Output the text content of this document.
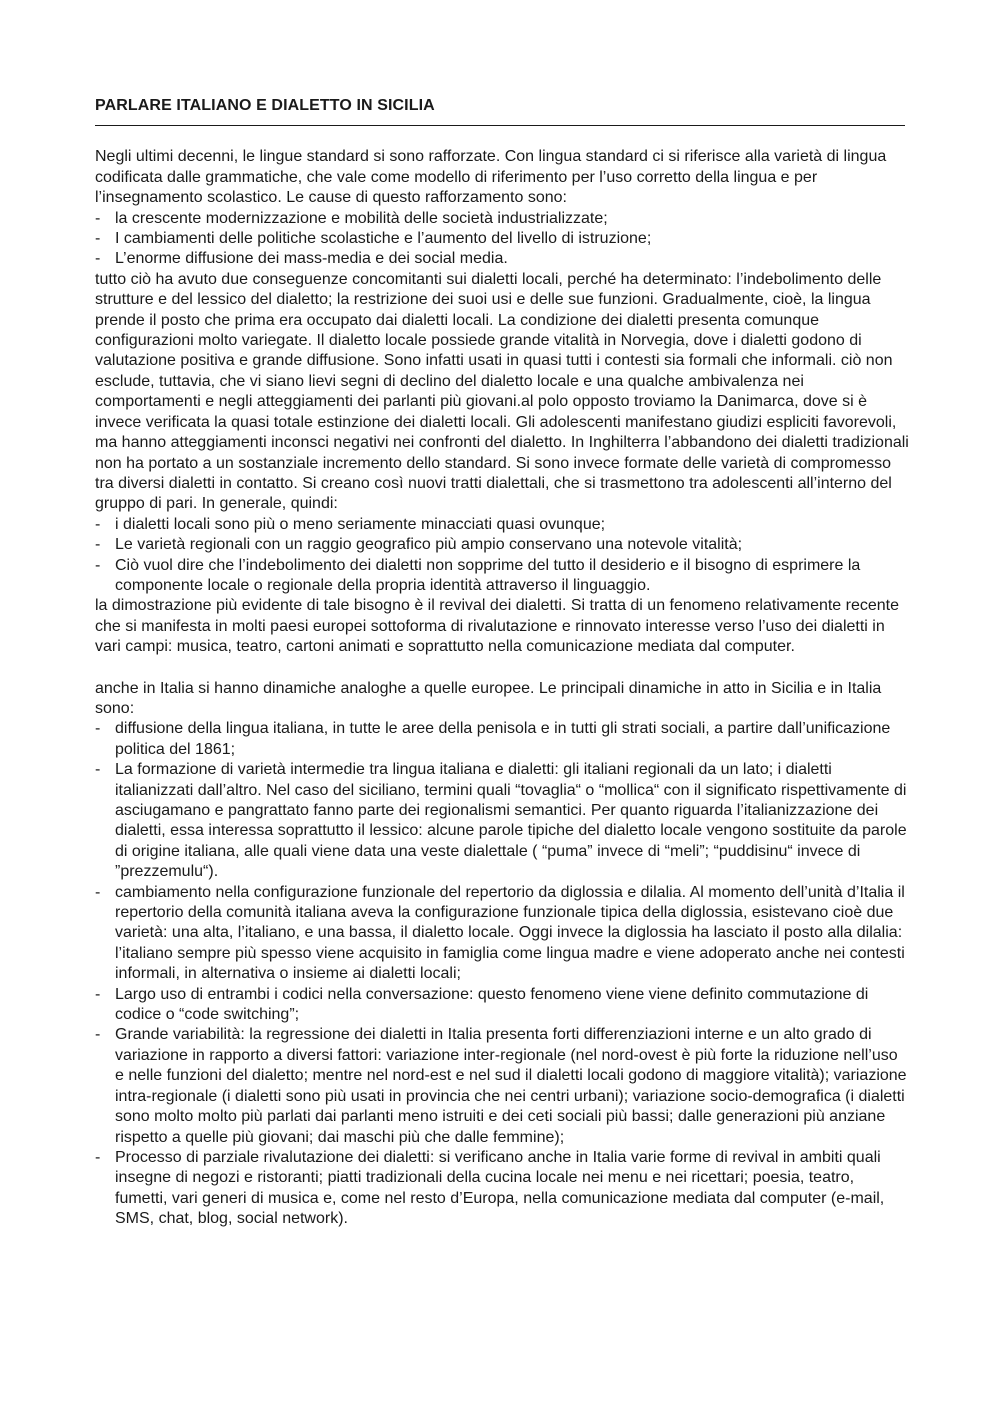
PARLARE ITALIANO E DIALETTO IN SICILIA

Negli ultimi decenni, le lingue standard si sono rafforzate. Con lingua standard ci si riferisce alla varietà di lingua codificata dalle grammatiche, che vale come modello di riferimento per l’uso corretto della lingua e per l’insegnamento scolastico. Le cause di questo rafforzamento sono:

- la crescente modernizzazione e mobilità delle società industrializzate;
- I cambiamenti delle politiche scolastiche e l’aumento del livello di istruzione;
- L’enorme diffusione dei mass-media e dei social media.

tutto ciò ha avuto due conseguenze concomitanti sui dialetti locali, perché ha determinato: l’indebolimento delle strutture e del lessico del dialetto; la restrizione dei suoi usi e delle sue funzioni. Gradualmente, cioè, la lingua prende il posto che prima era occupato dai dialetti locali. La condizione dei dialetti presenta comunque configurazioni molto variegate. Il dialetto locale possiede grande vitalità in Norvegia, dove i dialetti godono di valutazione positiva e grande diffusione. Sono infatti usati in quasi tutti i contesti sia formali che informali. ciò non esclude, tuttavia, che vi siano lievi segni di declino del dialetto locale e una qualche ambivalenza nei comportamenti e negli atteggiamenti dei parlanti più giovani.al polo opposto troviamo la Danimarca, dove si è invece verificata la quasi totale estinzione dei dialetti locali. Gli adolescenti manifestano giudizi espliciti favorevoli, ma hanno atteggiamenti inconsci negativi nei confronti del dialetto. In Inghilterra l’abbandono dei dialetti tradizionali non ha portato a un sostanziale incremento dello standard. Si sono invece formate delle varietà di compromesso tra diversi dialetti in contatto. Si creano così nuovi tratti dialettali, che si trasmettono tra adolescenti all’interno del gruppo di pari. In generale, quindi:

- i dialetti locali sono più o meno seriamente minacciati quasi ovunque;
- Le varietà regionali con un raggio geografico più ampio conservano una notevole vitalità;
- Ciò vuol dire che l’indebolimento dei dialetti non sopprime del tutto il desiderio e il bisogno di esprimere la componente locale o regionale della propria identità attraverso il linguaggio.

la dimostrazione più evidente di tale bisogno è il revival dei dialetti. Si tratta di un fenomeno relativamente recente che si manifesta in molti paesi europei sottoforma di rivalutazione e rinnovato interesse verso l’uso dei dialetti in vari campi: musica, teatro, cartoni animati e soprattutto nella comunicazione mediata dal computer.

anche in Italia si hanno dinamiche analoghe a quelle europee. Le principali dinamiche in atto in Sicilia e in Italia sono:

- diffusione della lingua italiana, in tutte le aree della penisola e in tutti gli strati sociali, a partire dall’unificazione politica del 1861;
- La formazione di varietà intermedie tra lingua italiana e dialetti: gli italiani regionali da un lato; i dialetti italianizzati dall’altro. Nel caso del siciliano, termini quali “tovaglia“ o “mollica“ con il significato rispettivamente di asciugamano e pangrattato fanno parte dei regionalismi semantici. Per quanto riguarda l’italianizzazione dei dialetti, essa interessa soprattutto il lessico: alcune parole tipiche del dialetto locale vengono sostituite da parole di origine italiana, alle quali viene data una veste dialettale ( “puma” invece di “meli”; “puddisinu“ invece di ”prezzemulu“).
- cambiamento nella configurazione funzionale del repertorio da diglossia e dilalia. Al momento dell’unità d’Italia il repertorio della comunità italiana aveva la configurazione funzionale tipica della diglossia, esistevano cioè due varietà: una alta, l’italiano, e una bassa, il dialetto locale. Oggi invece la diglossia ha lasciato il posto alla dilalia: l’italiano sempre più spesso viene acquisito in famiglia come lingua madre e viene adoperato anche nei contesti informali, in alternativa o insieme ai dialetti locali;
- Largo uso di entrambi i codici nella conversazione: questo fenomeno viene viene definito commutazione di codice o “code switching”;
- Grande variabilità: la regressione dei dialetti in Italia presenta forti differenziazioni interne e un alto grado di variazione in rapporto a diversi fattori: variazione inter-regionale (nel nord-ovest è più forte la riduzione nell’uso e nelle funzioni del dialetto; mentre nel nord-est e nel sud il dialetti locali godono di maggiore vitalità); variazione intra-regionale (i dialetti sono più usati in provincia che nei centri urbani); variazione socio-demografica (i dialetti sono molto molto più parlati dai parlanti meno istruiti e dei ceti sociali più bassi; dalle generazioni più anziane rispetto a quelle più giovani; dai maschi più che dalle femmine);
- Processo di parziale rivalutazione dei dialetti: si verificano anche in Italia varie forme di revival in ambiti quali insegne di negozi e ristoranti; piatti tradizionali della cucina locale nei menu e nei ricettari; poesia, teatro, fumetti, vari generi di musica e, come nel resto d’Europa, nella comunicazione mediata dal computer (e-mail, SMS, chat, blog, social network).
